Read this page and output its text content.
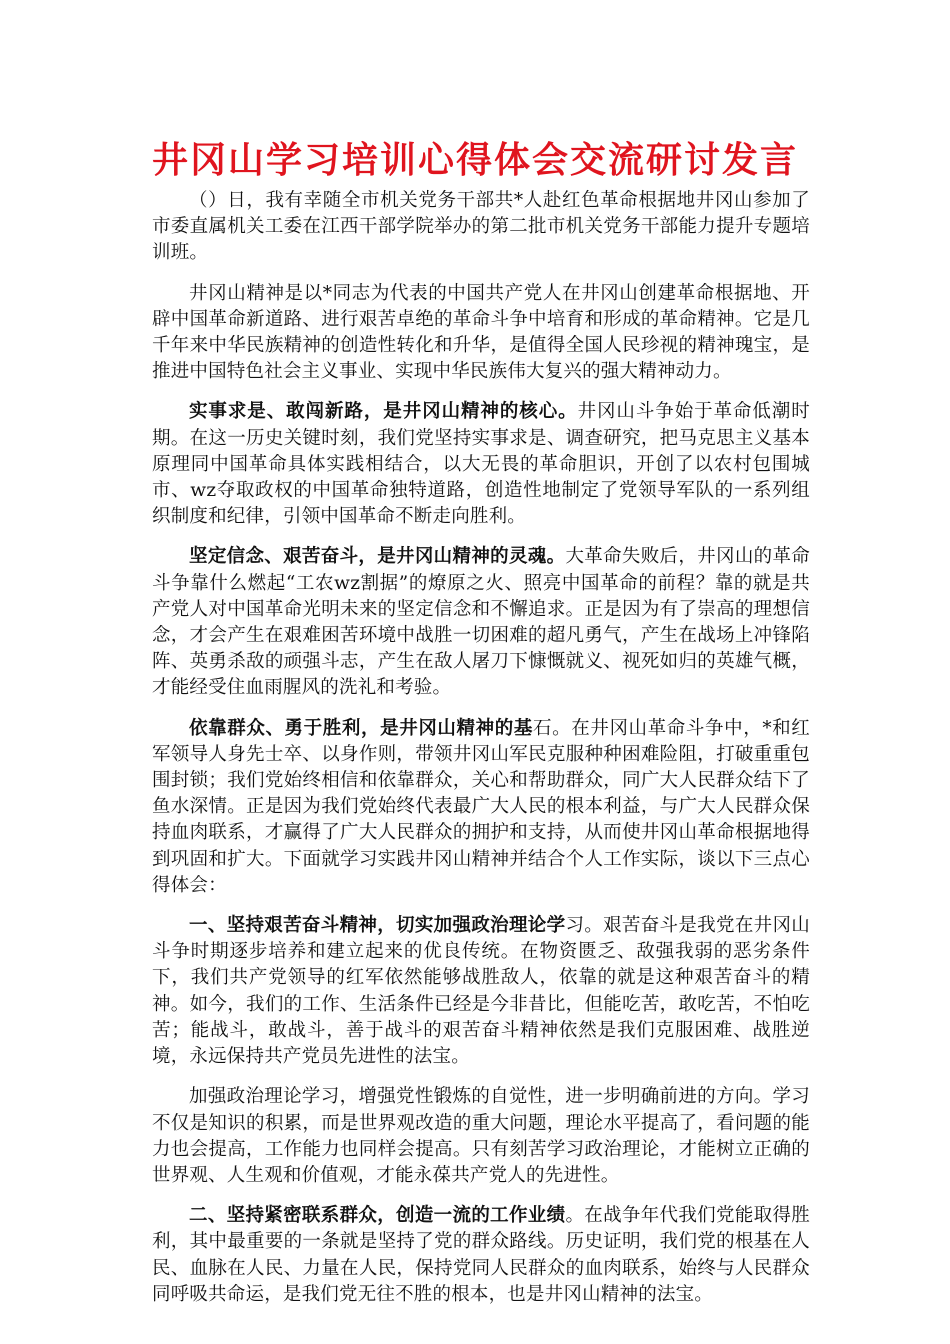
井冈山学习培训心得体会交流研讨发言

（）日，我有幸随全市机关党务干部共*人赴红色革命根据地井冈山参加了市委直属机关工委在江西干部学院举办的第二批市机关党务干部能力提升专题培训班。

井冈山精神是以*同志为代表的中国共产党人在井冈山创建革命根据地、开辟中国革命新道路、进行艰苦卓绝的革命斗争中培育和形成的革命精神。它是几千年来中华民族精神的创造性转化和升华，是值得全国人民珍视的精神瑰宝，是推进中国特色社会主义事业、实现中华民族伟大复兴的强大精神动力。

实事求是、敢闯新路，是井冈山精神的核心。井冈山斗争始于革命低潮时期。在这一历史关键时刻，我们党坚持实事求是、调查研究，把马克思主义基本原理同中国革命具体实践相结合，以大无畏的革命胆识，开创了以农村包围城市、wz夺取政权的中国革命独特道路，创造性地制定了党领导军队的一系列组织制度和纪律，引领中国革命不断走向胜利。

坚定信念、艰苦奋斗，是井冈山精神的灵魂。大革命失败后，井冈山的革命斗争靠什么燃起“工农wz割据”的燎原之火、照亮中国革命的前程？靠的就是共产党人对中国革命光明未来的坚定信念和不懈追求。正是因为有了崇高的理想信念，才会产生在艰难困苦环境中战胜一切困难的超凡勇气，产生在战场上冲锋陷阵、英勇杀敌的顽强斗志，产生在敌人屠刀下慷慨就义、视死如归的英雄气概，才能经受住血雨腥风的洗礼和考验。

依靠群众、勇于胜利，是井冈山精神的基石。在井冈山革命斗争中，*和红军领导人身先士卒、以身作则，带领井冈山军民克服种种困难险阻，打破重重包围封锁；我们党始终相信和依靠群众，关心和帮助群众，同广大人民群众结下了鱼水深情。正是因为我们党始终代表最广大人民的根本利益，与广大人民群众保持血肉联系，才赢得了广大人民群众的拥护和支持，从而使井冈山革命根据地得到巩固和扩大。下面就学习实践井冈山精神并结合个人工作实际，谈以下三点心得体会：

一、坚持艰苦奋斗精神，切实加强政治理论学习。艰苦奋斗是我党在井冈山斗争时期逐步培养和建立起来的优良传统。在物资匮乏、敌强我弱的恶劣条件下，我们共产党领导的红军依然能够战胜敌人，依靠的就是这种艰苦奋斗的精神。如今，我们的工作、生活条件已经是今非昔比，但能吃苦，敢吃苦，不怕吃苦；能战斗，敢战斗，善于战斗的艰苦奋斗精神依然是我们克服困难、战胜逆境，永远保持共产党员先进性的法宝。

加强政治理论学习，增强党性锻炼的自觉性，进一步明确前进的方向。学习不仅是知识的积累，而是世界观改造的重大问题，理论水平提高了，看问题的能力也会提高，工作能力也同样会提高。只有刻苦学习政治理论，才能树立正确的世界观、人生观和价值观，才能永葆共产党人的先进性。

二、坚持紧密联系群众，创造一流的工作业绩。在战争年代我们党能取得胜利，其中最重要的一条就是坚持了党的群众路线。历史证明，我们党的根基在人民、血脉在人民、力量在人民，保持党同人民群众的血肉联系，始终与人民群众同呼吸共命运，是我们党无往不胜的根本，也是井冈山精神的法宝。
